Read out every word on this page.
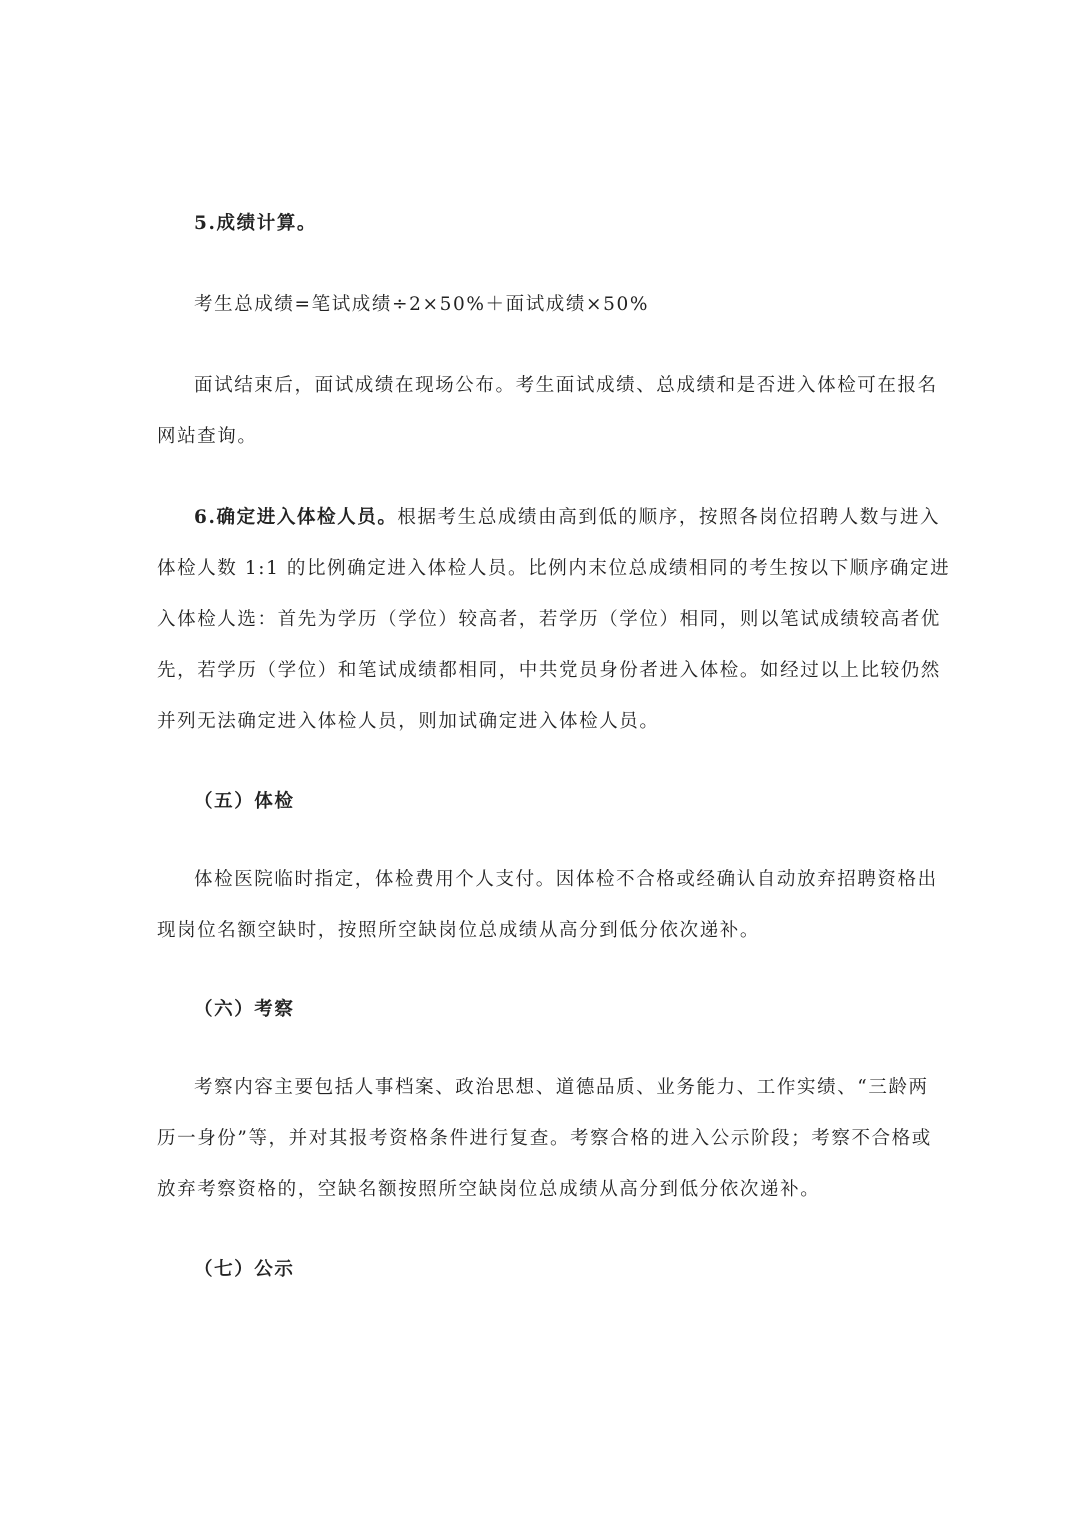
5.成绩计算。

考生总成绩=笔试成绩÷2×50%＋面试成绩×50%

面试结束后，面试成绩在现场公布。考生面试成绩、总成绩和是否进入体检可在报名
网站查询。

6.确定进入体检人员。根据考生总成绩由高到低的顺序，按照各岗位招聘人数与进入
体检人数 1:1 的比例确定进入体检人员。比例内末位总成绩相同的考生按以下顺序确定进
入体检人选：首先为学历（学位）较高者，若学历（学位）相同，则以笔试成绩较高者优
先，若学历（学位）和笔试成绩都相同，中共党员身份者进入体检。如经过以上比较仍然
并列无法确定进入体检人员，则加试确定进入体检人员。

（五）体检

体检医院临时指定，体检费用个人支付。因体检不合格或经确认自动放弃招聘资格出
现岗位名额空缺时，按照所空缺岗位总成绩从高分到低分依次递补。

（六）考察

考察内容主要包括人事档案、政治思想、道德品质、业务能力、工作实绩、“三龄两
历一身份”等，并对其报考资格条件进行复查。考察合格的进入公示阶段；考察不合格或
放弃考察资格的，空缺名额按照所空缺岗位总成绩从高分到低分依次递补。

（七）公示
